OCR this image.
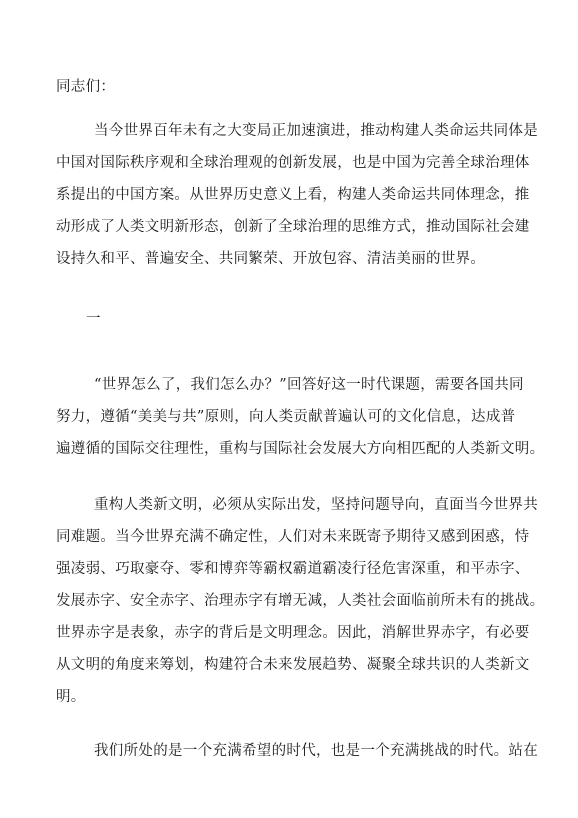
同志们：
当今世界百年未有之大变局正加速演进，推动构建人类命运共同体是
中国对国际秩序观和全球治理观的创新发展，也是中国为完善全球治理体
系提出的中国方案。从世界历史意义上看，构建人类命运共同体理念，推
动形成了人类文明新形态，创新了全球治理的思维方式，推动国际社会建
设持久和平、普遍安全、共同繁荣、开放包容、清洁美丽的世界。
一
“世界怎么了，我们怎么办？”回答好这一时代课题，需要各国共同
努力，遵循“美美与共”原则，向人类贡献普遍认可的文化信息，达成普
遍遵循的国际交往理性，重构与国际社会发展大方向相匹配的人类新文明。
重构人类新文明，必须从实际出发，坚持问题导向，直面当今世界共
同难题。当今世界充满不确定性，人们对未来既寄予期待又感到困惑，恃
强凌弱、巧取豪夺、零和博弈等霸权霸道霸凌行径危害深重，和平赤字、
发展赤字、安全赤字、治理赤字有增无减，人类社会面临前所未有的挑战。
世界赤字是表象，赤字的背后是文明理念。因此，消解世界赤字，有必要
从文明的角度来筹划，构建符合未来发展趋势、凝聚全球共识的人类新文
明。
我们所处的是一个充满希望的时代，也是一个充满挑战的时代。站在
